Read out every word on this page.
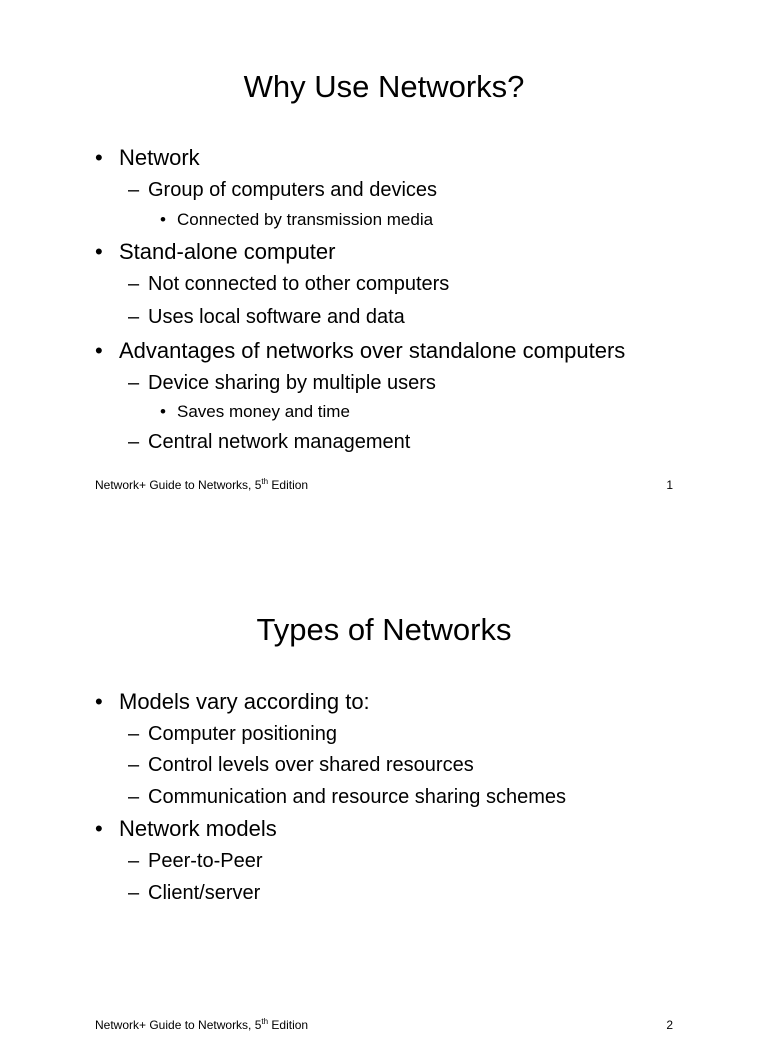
Why Use Networks?
• Network
– Group of computers and devices
• Connected by transmission media
• Stand-alone computer
– Not connected to other computers
– Uses local software and data
• Advantages of networks over standalone computers
– Device sharing by multiple users
• Saves money and time
– Central network management
Network+ Guide to Networks, 5th Edition	1
Types of Networks
• Models vary according to:
– Computer positioning
– Control levels over shared resources
– Communication and resource sharing schemes
• Network models
– Peer-to-Peer
– Client/server
Network+ Guide to Networks, 5th Edition	2
